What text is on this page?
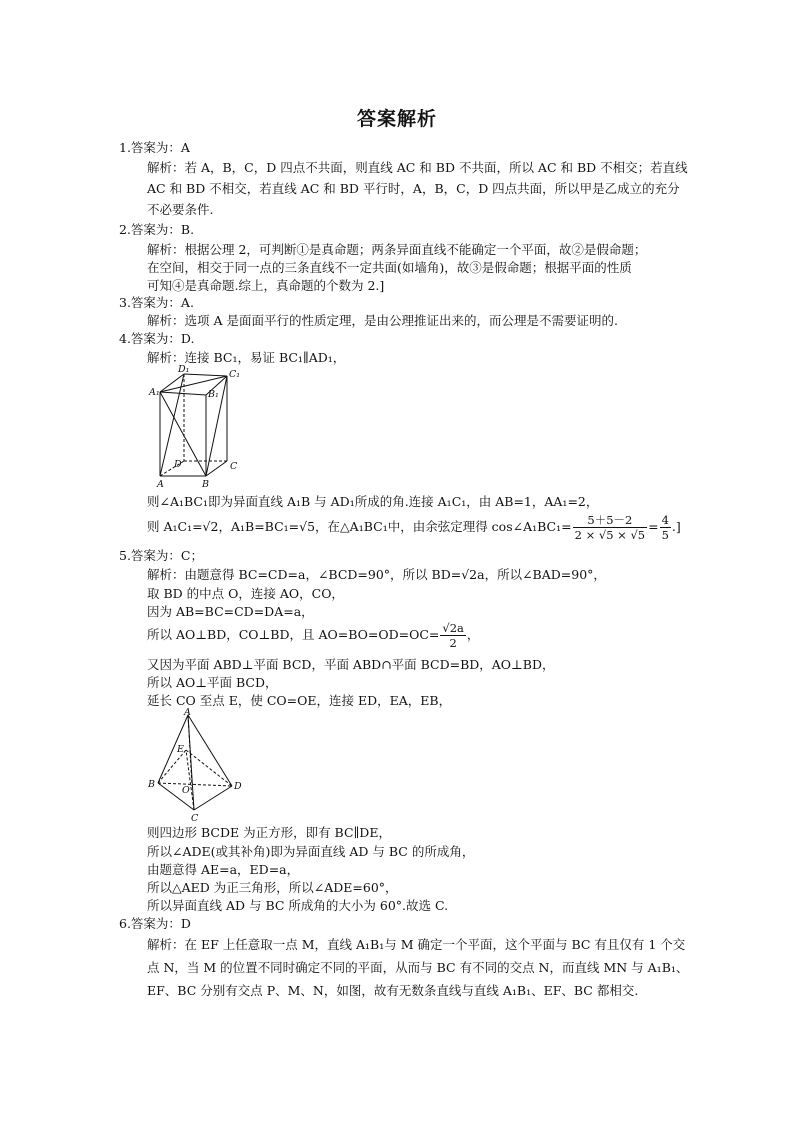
答案解析
1.答案为：A
解析：若 A，B，C，D 四点不共面，则直线 AC 和 BD 不共面，所以 AC 和 BD 不相交；若直线
AC 和 BD 不相交，若直线 AC 和 BD 平行时，A，B，C，D 四点共面，所以甲是乙成立的充分
不必要条件.
2.答案为：B.
解析：根据公理 2，可判断①是真命题；两条异面直线不能确定一个平面，故②是假命题；
在空间，相交于同一点的三条直线不一定共面(如墙角)，故③是假命题；根据平面的性质
可知④是真命题.综上，真命题的个数为 2.]
3.答案为：A.
解析：选项 A 是面面平行的性质定理，是由公理推证出来的，而公理是不需要证明的.
4.答案为：D.
解析：连接 BC₁，易证 BC₁∥AD₁，
D₁	C₁
A₁	B₁
D	C
A	B
则∠A₁BC₁即为异面直线 A₁B 与 AD₁所成的角.连接 A₁C₁，由 AB=1，AA₁=2，
则 A₁C₁=√2，A₁B=BC₁=√5，在△A₁BC₁中，由余弦定理得 cos∠A₁BC₁= $\frac{5+5-2}{2 \times √5 \times √5} = \frac{4}{5}$ .]
5.答案为：C；
解析：由题意得 BC=CD=a，∠BCD=90°，所以 BD=√2a，所以∠BAD=90°，
取 BD 的中点 O，连接 AO，CO，
因为 AB=BC=CD=DA=a，
所以 AO⊥BD，CO⊥BD，且 $AO=BO=OD=OC= \frac{√2a}{2}$ ，
又因为平面 ABD⊥平面 BCD，平面 ABD∩平面 BCD=BD，AO⊥BD，
所以 AO⊥平面 BCD，
延长 CO 至点 E，使 CO=OE，连接 ED，EA，EB，
A
E
B
O	D
C
则四边形 BCDE 为正方形，即有 BC∥DE，
所以∠ADE(或其补角)即为异面直线 AD 与 BC 的所成角，
由题意得 AE=a，ED=a，
所以△AED 为正三角形，所以∠ADE=60°，
所以异面直线 AD 与 BC 所成角的大小为 60°.故选 C.
6.答案为：D
解析：在 EF 上任意取一点 M，直线 A₁B₁与 M 确定一个平面，这个平面与 BC 有且仅有 1 个交
点 N，当 M 的位置不同时确定不同的平面，从而与 BC 有不同的交点 N，而直线 MN 与 A₁B₁、
EF、BC 分别有交点 P、M、N，如图，故有无数条直线与直线 A₁B₁、EF、BC 都相交.
